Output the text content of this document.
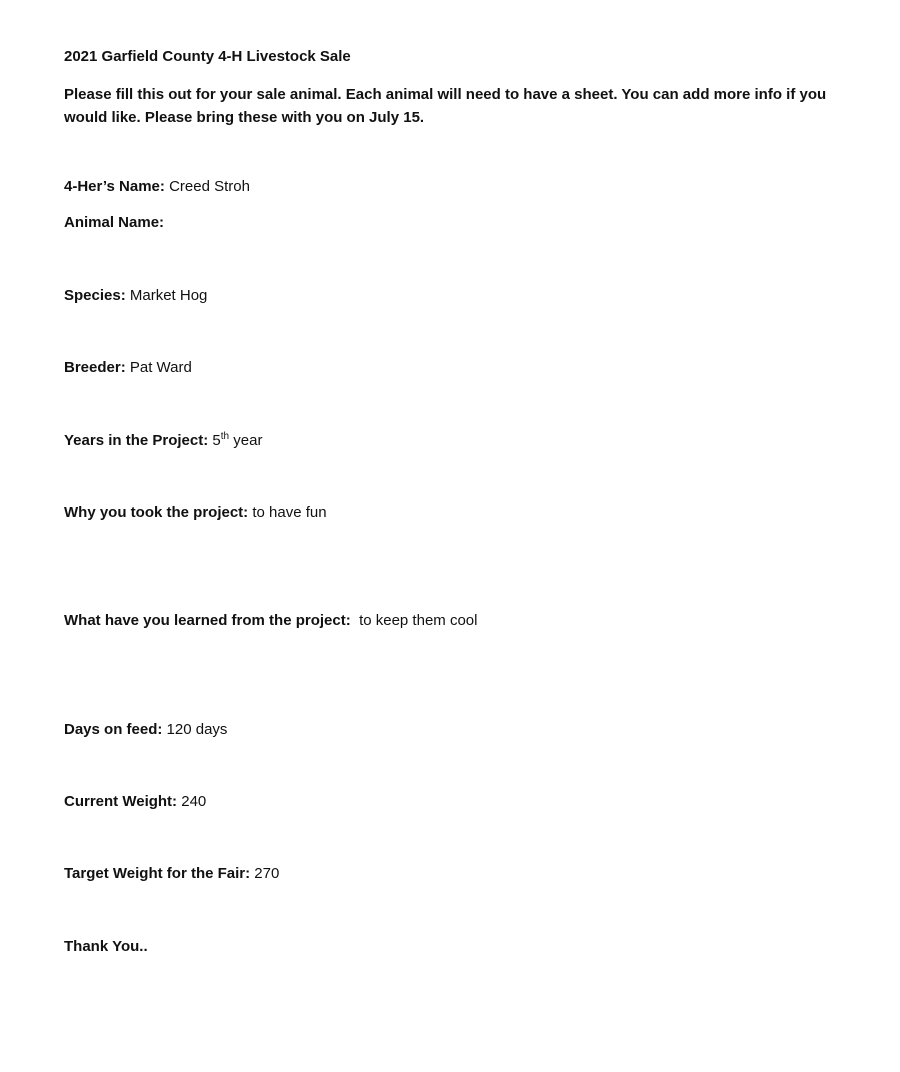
2021 Garfield County 4-H Livestock Sale
Please fill this out for your sale animal. Each animal will need to have a sheet. You can add more info if you would like. Please bring these with you on July 15.
4-Her’s Name: Creed Stroh
Animal Name:
Species: Market Hog
Breeder: Pat Ward
Years in the Project: 5th year
Why you took the project: to have fun
What have you learned from the project: to keep them cool
Days on feed: 120 days
Current Weight: 240
Target Weight for the Fair: 270
Thank You..
